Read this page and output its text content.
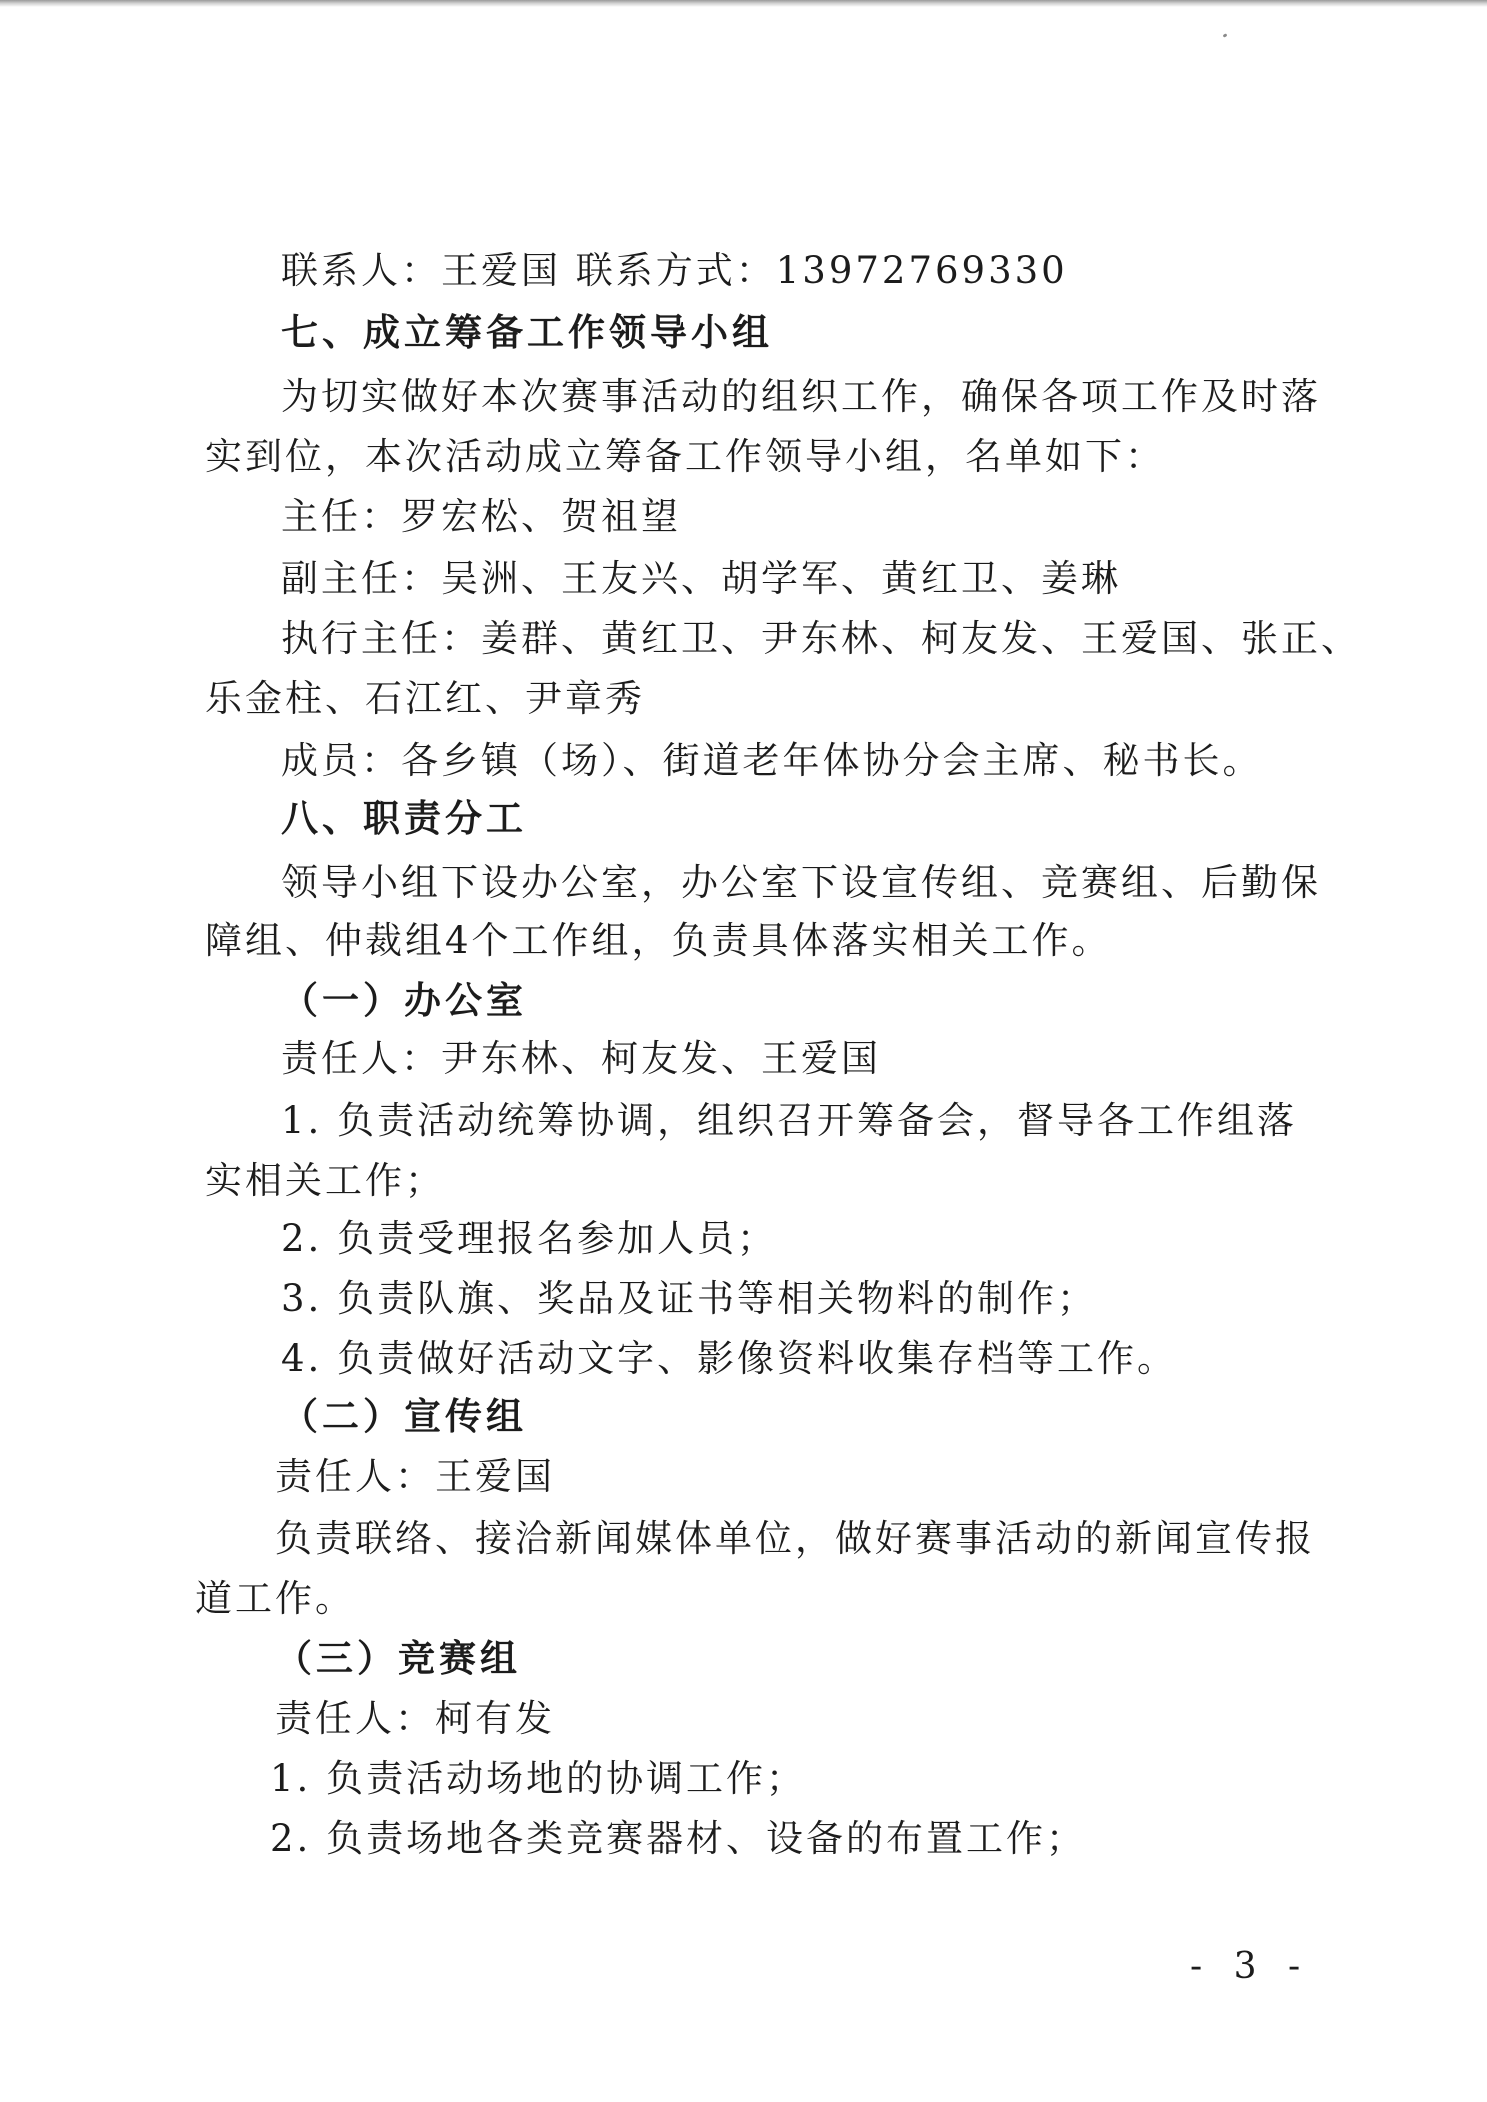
联系人：王爱国 联系方式：13972769330
七、成立筹备工作领导小组
为切实做好本次赛事活动的组织工作，确保各项工作及时落
实到位，本次活动成立筹备工作领导小组，名单如下：
主任：罗宏松、贺祖望
副主任：吴洲、王友兴、胡学军、黄红卫、姜琳
执行主任：姜群、黄红卫、尹东林、柯友发、王爱国、张正、
乐金柱、石江红、尹章秀
成员：各乡镇（场）、街道老年体协分会主席、秘书长。
八、职责分工
领导小组下设办公室，办公室下设宣传组、竞赛组、后勤保
障组、仲裁组4个工作组，负责具体落实相关工作。
（一）办公室
责任人：尹东林、柯友发、王爱国
1. 负责活动统筹协调，组织召开筹备会，督导各工作组落
实相关工作；
2. 负责受理报名参加人员；
3. 负责队旗、奖品及证书等相关物料的制作；
4. 负责做好活动文字、影像资料收集存档等工作。
（二）宣传组
责任人：王爱国
负责联络、接洽新闻媒体单位，做好赛事活动的新闻宣传报
道工作。
（三）竞赛组
责任人：柯有发
1. 负责活动场地的协调工作；
2. 负责场地各类竞赛器材、设备的布置工作；
- 3 -
